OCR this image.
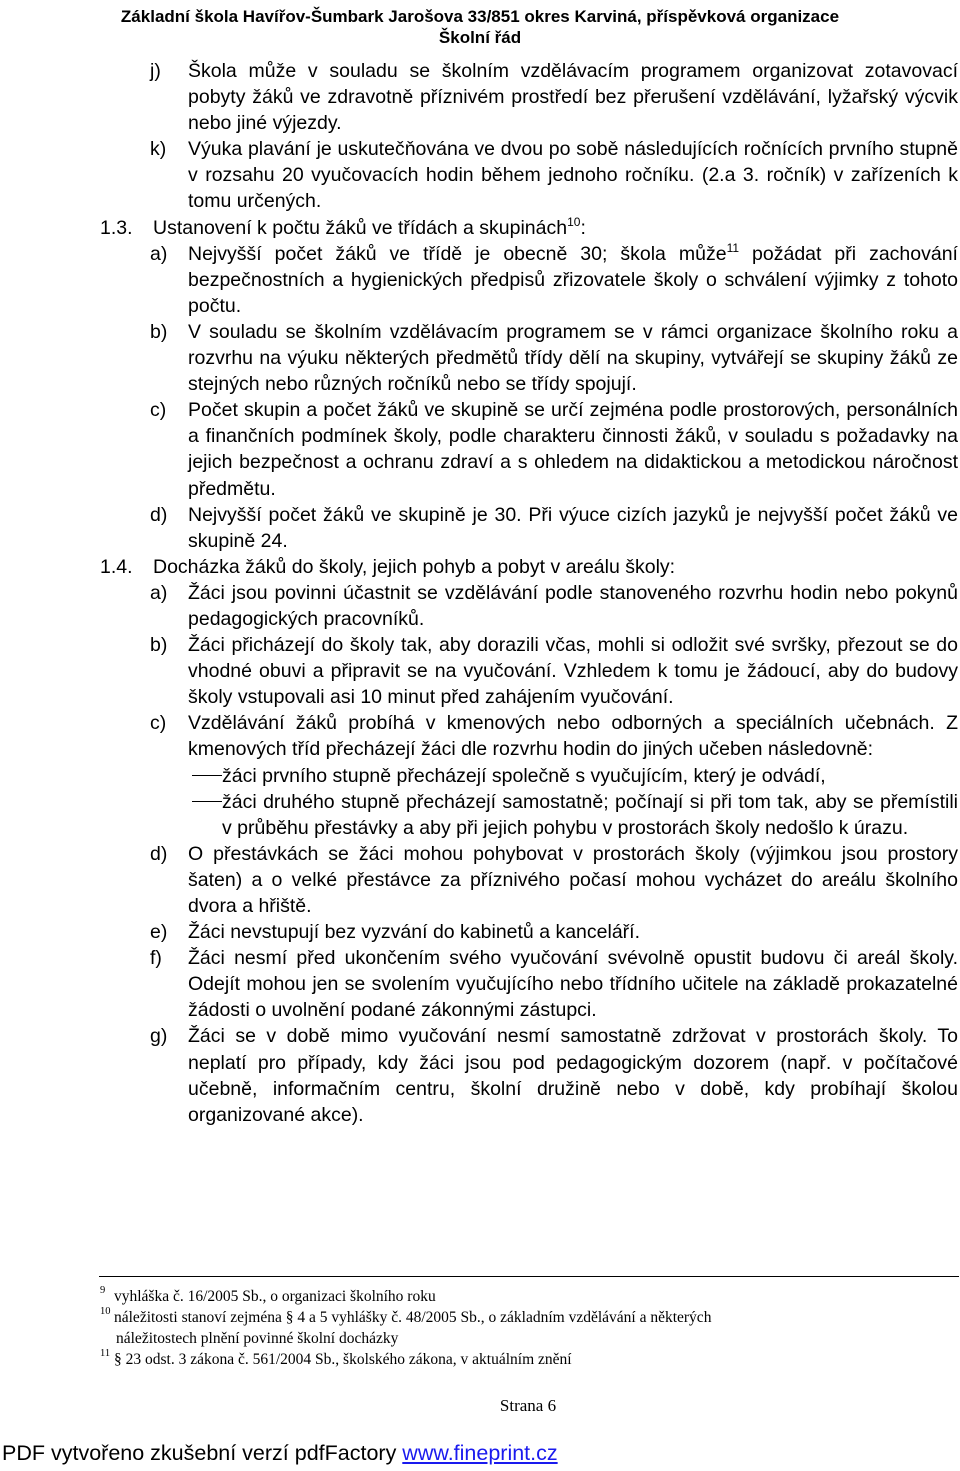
Základní škola Havířov-Šumbark Jarošova 33/851 okres Karviná, příspěvková organizace
Školní řád
j)	Škola může v souladu se školním vzdělávacím programem organizovat zotavovací pobyty žáků ve zdravotně příznivém prostředí bez přerušení vzdělávání, lyžařský výcvik nebo jiné výjezdy.
k)	Výuka plavání je uskutečňována ve dvou po sobě následujících ročnících prvního stupně v rozsahu 20 vyučovacích hodin během jednoho ročníku. (2.a 3. ročník) v zařízeních k tomu určených.
1.3.	Ustanovení k počtu žáků ve třídách a skupinách$^{10}$:
a)	Nejvyšší počet žáků ve třídě je obecně 30; škola může$^{11}$ požádat při zachování bezpečnostních a hygienických předpisů zřizovatele školy o schválení výjimky z tohoto počtu.
b)	V souladu se školním vzdělávacím programem se v rámci organizace školního roku a rozvrhu na výuku některých předmětů třídy dělí na skupiny, vytvářejí se skupiny žáků ze stejných nebo různých ročníků nebo se třídy spojují.
c)	Počet skupin a počet žáků ve skupině se určí zejména podle prostorových, personálních a finančních podmínek školy, podle charakteru činnosti žáků, v souladu s požadavky na jejich bezpečnost a ochranu zdraví a s ohledem na didaktickou a metodickou náročnost předmětu.
d)	Nejvyšší počet žáků ve skupině je 30. Při výuce cizích jazyků je nejvyšší počet žáků ve skupině 24.
1.4.	Docházka žáků do školy, jejich pohyb a pobyt v areálu školy:
a)	Žáci jsou povinni účastnit se vzdělávání podle stanoveného rozvrhu hodin nebo pokynů pedagogických pracovníků.
b)	Žáci přicházejí do školy tak, aby dorazili včas, mohli si odložit své svršky, přezout se do vhodné obuvi a připravit se na vyučování. Vzhledem k tomu je žádoucí, aby do budovy školy vstupovali asi 10 minut před zahájením vyučování.
c)	Vzdělávání žáků probíhá v kmenových nebo odborných a speciálních učebnách. Z kmenových tříd přecházejí žáci dle rozvrhu hodin do jiných učeben následovně:
žáci prvního stupně přecházejí společně s vyučujícím, který je odvádí,
žáci druhého stupně přecházejí samostatně; počínají si při tom tak, aby se přemístili v průběhu přestávky a aby při jejich pohybu v prostorách školy nedošlo k úrazu.
d)	O přestávkách se žáci mohou pohybovat v prostorách školy (výjimkou jsou prostory šaten) a o velké přestávce za příznivého počasí mohou vycházet do areálu školního dvora a hřiště.
e)	Žáci nevstupují bez vyzvání do kabinetů a kanceláří.
f)	Žáci nesmí před ukončením svého vyučování svévolně opustit budovu či areál školy. Odejít mohou jen se svolením vyučujícího nebo třídního učitele na základě prokazatelné žádosti o uvolnění podané zákonnými zástupci.
g)	Žáci se v době mimo vyučování nesmí samostatně zdržovat v prostorách školy. To neplatí pro případy, kdy žáci jsou pod pedagogickým dozorem (např. v počítačové učebně, informačním centru, školní družině nebo v době, kdy probíhají školou organizované akce).
9 vyhláška č. 16/2005 Sb., o organizaci školního roku
10 náležitosti stanoví zejména § 4 a 5 vyhlášky č. 48/2005 Sb., o základním vzdělávání a některých
náležitostech plnění povinné školní docházky
11 § 23 odst. 3 zákona č. 561/2004 Sb., školského zákona, v aktuálním znění
Strana 6
PDF vytvořeno zkušební verzí pdfFactory www.fineprint.cz
